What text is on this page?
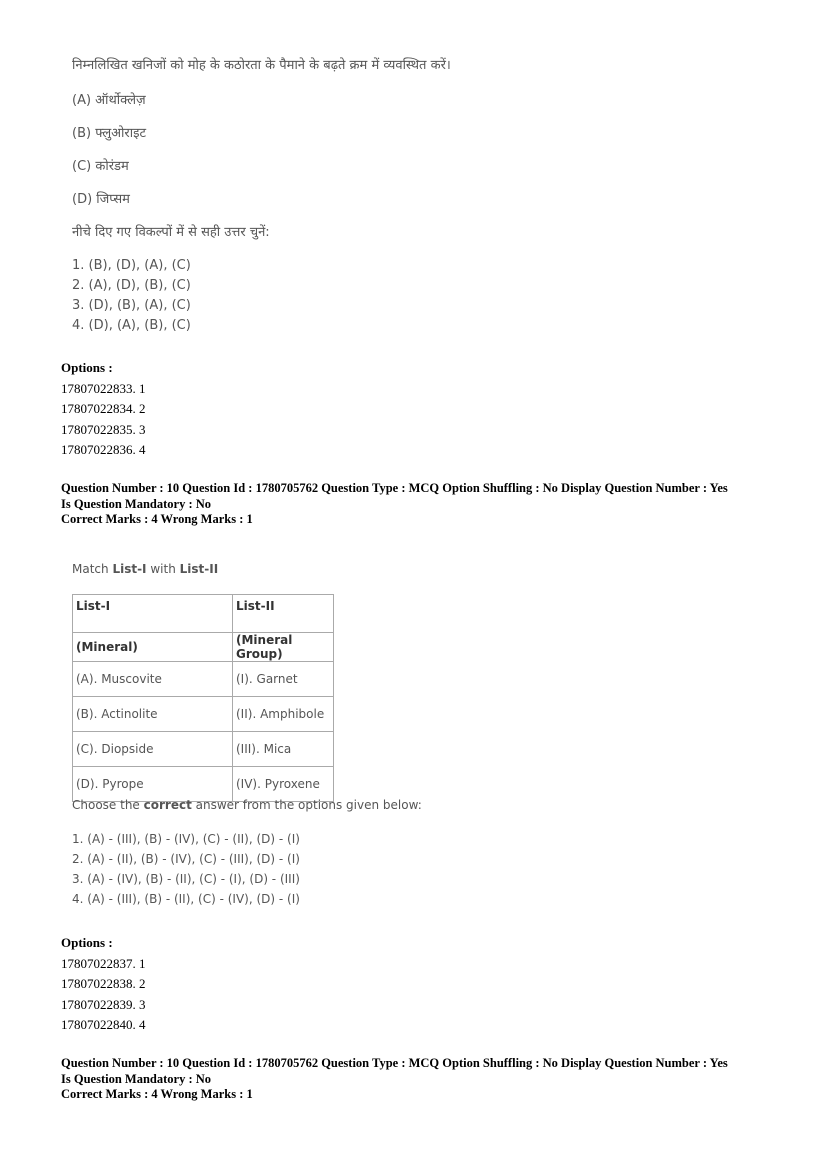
निम्नलिखित खनिजों को मोह के कठोरता के पैमाने के बढ़ते क्रम में व्यवस्थित करें।
(A) ऑर्थोक्लेज़
(B) फ्लुओराइट
(C) कोरंडम
(D) जिप्सम
नीचे दिए गए विकल्पों में से सही उत्तर चुनें:
1. (B), (D), (A), (C)
2. (A), (D), (B), (C)
3. (D), (B), (A), (C)
4. (D), (A), (B), (C)
Options :
17807022833. 1
17807022834. 2
17807022835. 3
17807022836. 4
Question Number : 10 Question Id : 1780705762 Question Type : MCQ Option Shuffling : No Display Question Number : Yes
Is Question Mandatory : No
Correct Marks : 4 Wrong Marks : 1
Match List-I with List-II
List-I	List-II
(Mineral)	(Mineral Group)
(A). Muscovite	(I). Garnet
(B). Actinolite	(II). Amphibole
(C). Diopside	(III). Mica
(D). Pyrope	(IV). Pyroxene
Choose the correct answer from the options given below:
1. (A) - (III), (B) - (IV), (C) - (II), (D) - (I)
2. (A) - (II), (B) - (IV), (C) - (III), (D) - (I)
3. (A) - (IV), (B) - (II), (C) - (I), (D) - (III)
4. (A) - (III), (B) - (II), (C) - (IV), (D) - (I)
Options :
17807022837. 1
17807022838. 2
17807022839. 3
17807022840. 4
Question Number : 10 Question Id : 1780705762 Question Type : MCQ Option Shuffling : No Display Question Number : Yes
Is Question Mandatory : No
Correct Marks : 4 Wrong Marks : 1
